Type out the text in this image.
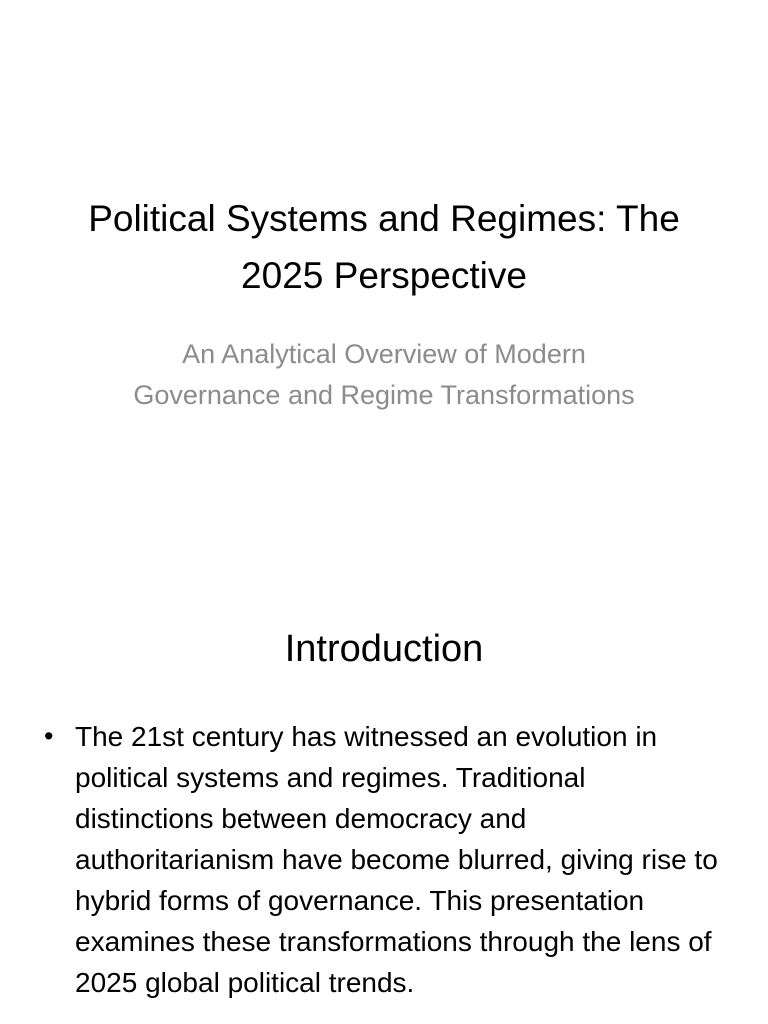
Political Systems and Regimes: The 2025 Perspective

An Analytical Overview of Modern Governance and Regime Transformations

Introduction
• The 21st century has witnessed an evolution in political systems and regimes. Traditional distinctions between democracy and authoritarianism have become blurred, giving rise to hybrid forms of governance. This presentation examines these transformations through the lens of 2025 global political trends.
